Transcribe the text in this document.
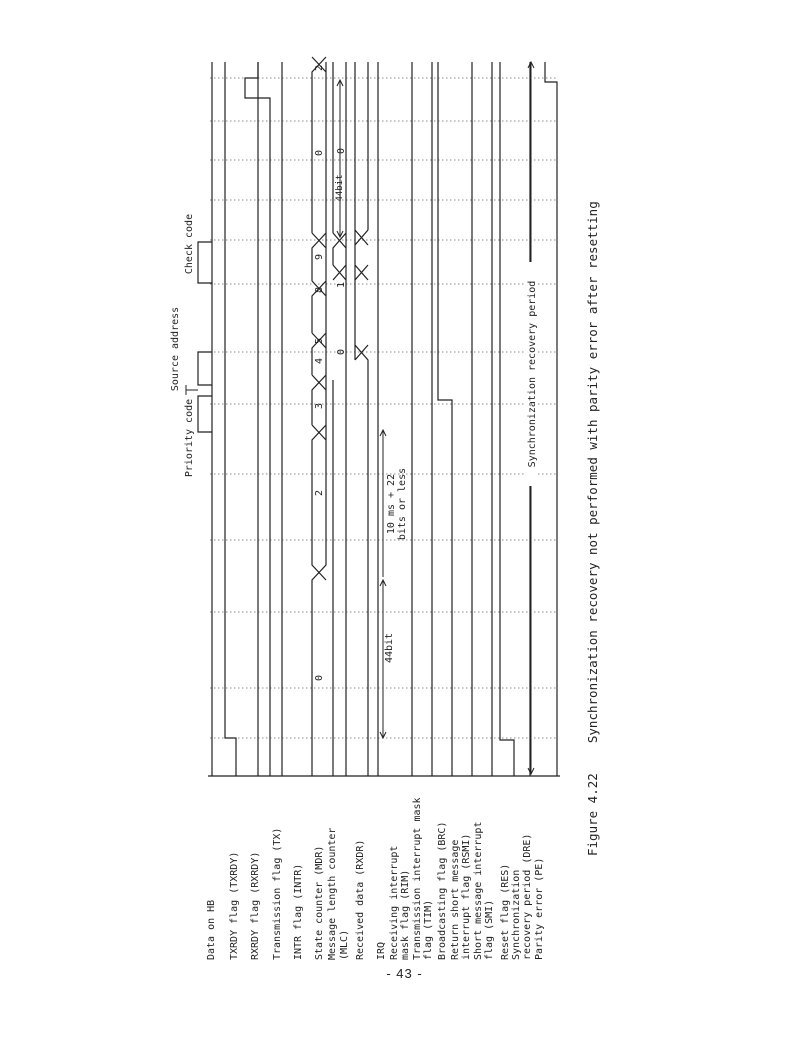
Data on HB TXRDY flag (TXRDY) RXRDY flag (RXRDY) Transmission flag (TX) INTR flag (INTR) State counter (MDR) Message length counter (MLC) Received data (RXDR) IRQ Receiving interrupt mask flag (RIM) Transmission interrupt mask flag (TIM) Broadcasting flag (BRC) Return short message interrupt flag (RSMI) Short message interrupt flag (SMI) Reset flag (RES) Synchronization recovery period (DRE) Parity error (PE)
0
2
3
4
5
8
9
0
2
0
1
0
Priority code
Source address
Check code
44bit
10 ms + 22 bits or less
44bit
Synchronization recovery period	Figure 4.22    Synchronization recovery not performed with parity error after resetting
- 43 -
